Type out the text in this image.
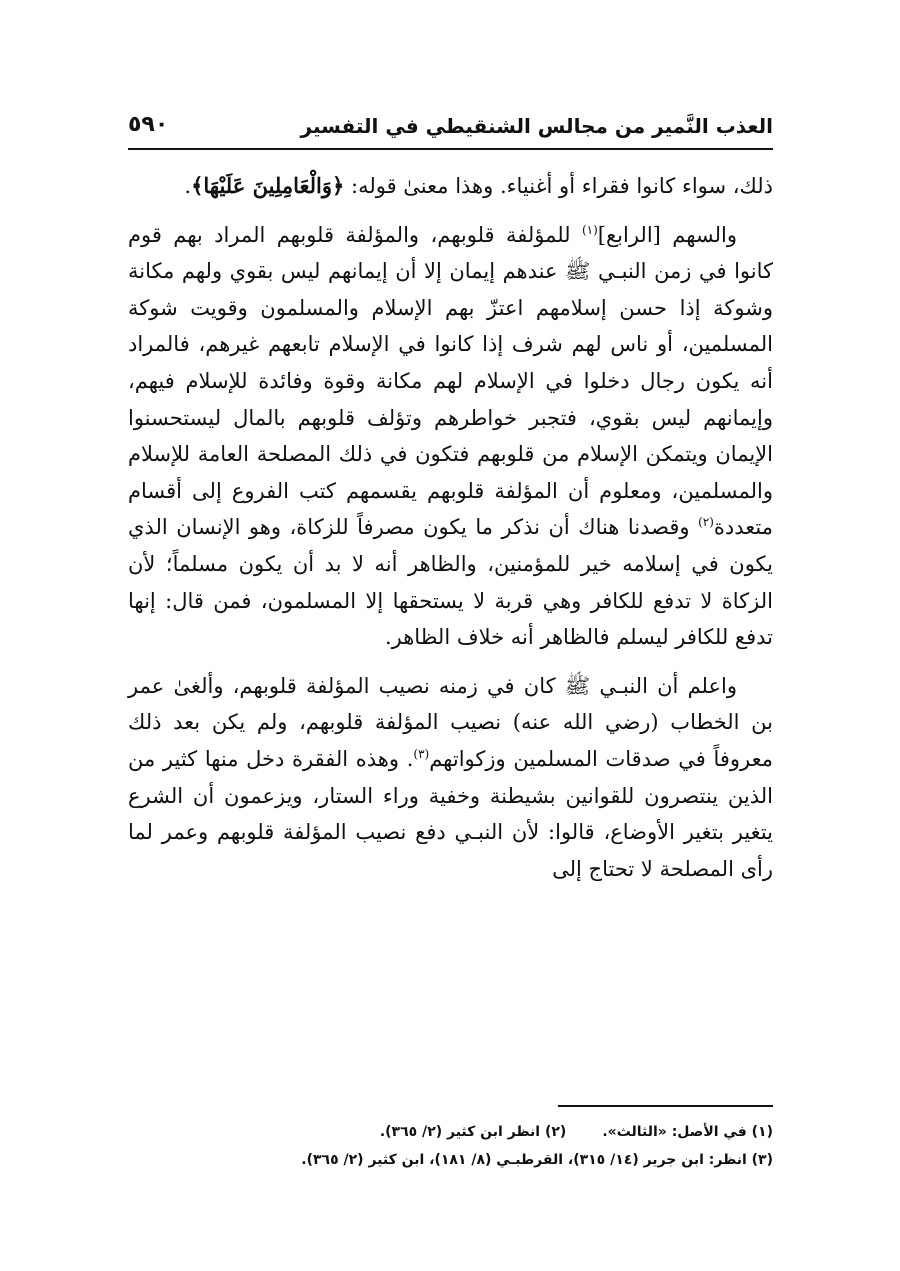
العذب النَّمير من مجالس الشنقيطي في التفسير
٥٩٠

ذلك، سواء كانوا فقراء أو أغنياء. وهذا معنىٰ قوله: ﴿وَالْعَامِلِينَ عَلَيْهَا﴾.

والسهم [الرابع]$^{(١)}$ للمؤلفة قلوبهم، والمؤلفة قلوبهم المراد بهم قوم كانوا في زمن النبـي ﷺ عندهم إيمان إلا أن إيمانهم ليس بقوي ولهم مكانة وشوكة إذا حسن إسلامهم اعتزّ بهم الإسلام والمسلمون وقويت شوكة المسلمين، أو ناس لهم شرف إذا كانوا في الإسلام تابعهم غيرهم، فالمراد أنه يكون رجال دخلوا في الإسلام لهم مكانة وقوة وفائدة للإسلام فيهم، وإيمانهم ليس بقوي، فتجبر خواطرهم وتؤلف قلوبهم بالمال ليستحسنوا الإيمان ويتمكن الإسلام من قلوبهم فتكون في ذلك المصلحة العامة للإسلام والمسلمين، ومعلوم أن المؤلفة قلوبهم يقسمهم كتب الفروع إلى أقسام متعددة$^{(٢)}$ وقصدنا هناك أن نذكر ما يكون مصرفاً للزكاة، وهو الإنسان الذي يكون في إسلامه خير للمؤمنين، والظاهر أنه لا بد أن يكون مسلماً؛ لأن الزكاة لا تدفع للكافر وهي قربة لا يستحقها إلا المسلمون، فمن قال: إنها تدفع للكافر ليسلم فالظاهر أنه خلاف الظاهر.

واعلم أن النبـي ﷺ كان في زمنه نصيب المؤلفة قلوبهم، وألغىٰ عمر بن الخطاب (رضي الله عنه) نصيب المؤلفة قلوبهم، ولم يكن بعد ذلك معروفاً في صدقات المسلمين وزكواتهم$^{(٣)}$. وهذه الفقرة دخل منها كثير من الذين ينتصرون للقوانين بشيطنة وخفية وراء الستار، ويزعمون أن الشرع يتغير بتغير الأوضاع، قالوا: لأن النبـي دفع نصيب المؤلفة قلوبهم وعمر لما رأى المصلحة لا تحتاج إلى

(١) في الأصل: «الثالث».(٢) انظر ابن كثير (٢/ ٣٦٥).
(٣) انظر: ابن جرير (١٤/ ٣١٥)، القرطبـي (٨/ ١٨١)، ابن كثير (٢/ ٣٦٥).
